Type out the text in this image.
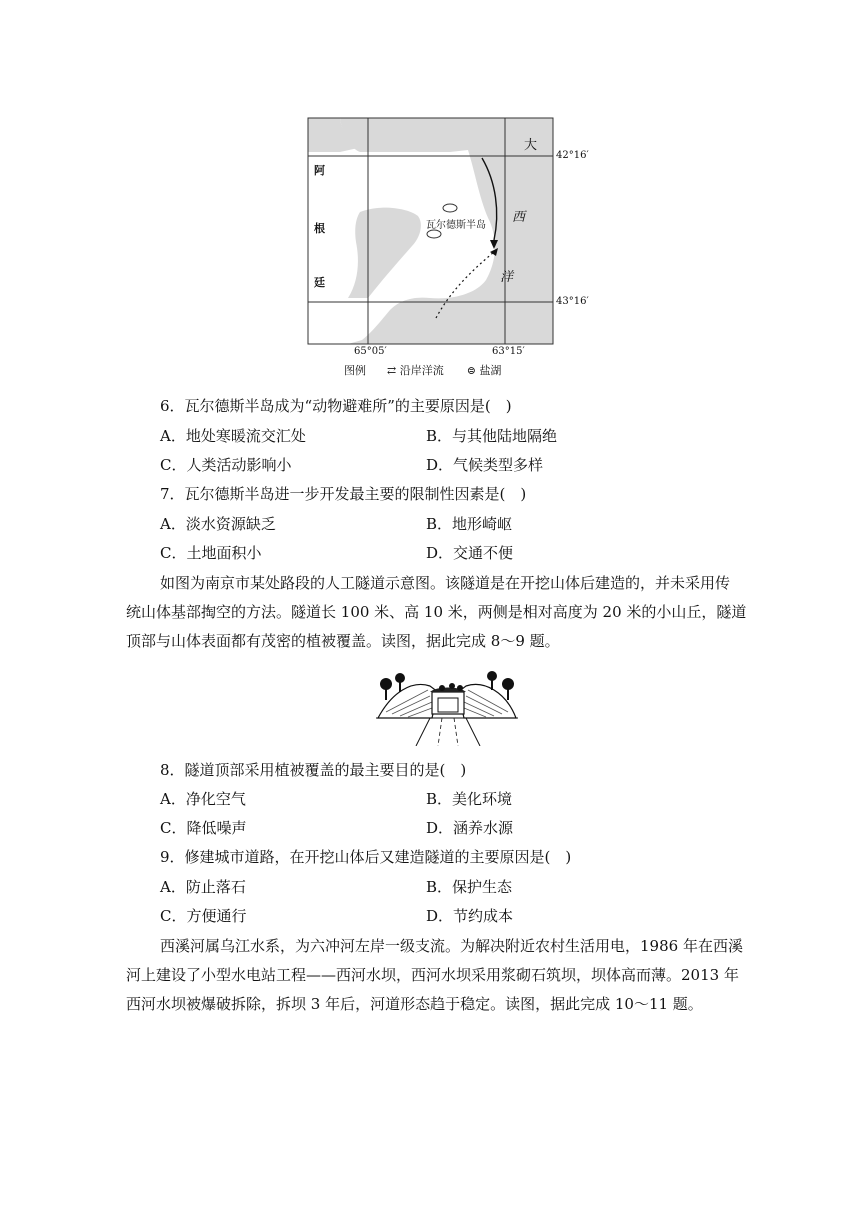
阿
根
廷
大
西
洋
瓦尔德斯半岛
42°16′
43°16′
65°05′	63°15′
图例 ⇄ 沿岸洋流 ⊜ 盐湖
6．瓦尔德斯半岛成为“动物避难所”的主要原因是(　)
A．地处寒暖流交汇处	B．与其他陆地隔绝
C．人类活动影响小	D．气候类型多样
7．瓦尔德斯半岛进一步开发最主要的限制性因素是(　)
A．淡水资源缺乏	B．地形崎岖
C．土地面积小	D．交通不便
如图为南京市某处路段的人工隧道示意图。该隧道是在开挖山体后建造的，并未采用传
统山体基部掏空的方法。隧道长 100 米、高 10 米，两侧是相对高度为 20 米的小山丘，隧道
顶部与山体表面都有茂密的植被覆盖。读图，据此完成 8～9 题。
8．隧道顶部采用植被覆盖的最主要目的是(　)
A．净化空气	B．美化环境
C．降低噪声	D．涵养水源
9．修建城市道路，在开挖山体后又建造隧道的主要原因是(　)
A．防止落石	B．保护生态
C．方便通行	D．节约成本
西溪河属乌江水系，为六冲河左岸一级支流。为解决附近农村生活用电，1986 年在西溪
河上建设了小型水电站工程——西河水坝，西河水坝采用浆砌石筑坝，坝体高而薄。2013 年
西河水坝被爆破拆除，拆坝 3 年后，河道形态趋于稳定。读图，据此完成 10～11 题。
